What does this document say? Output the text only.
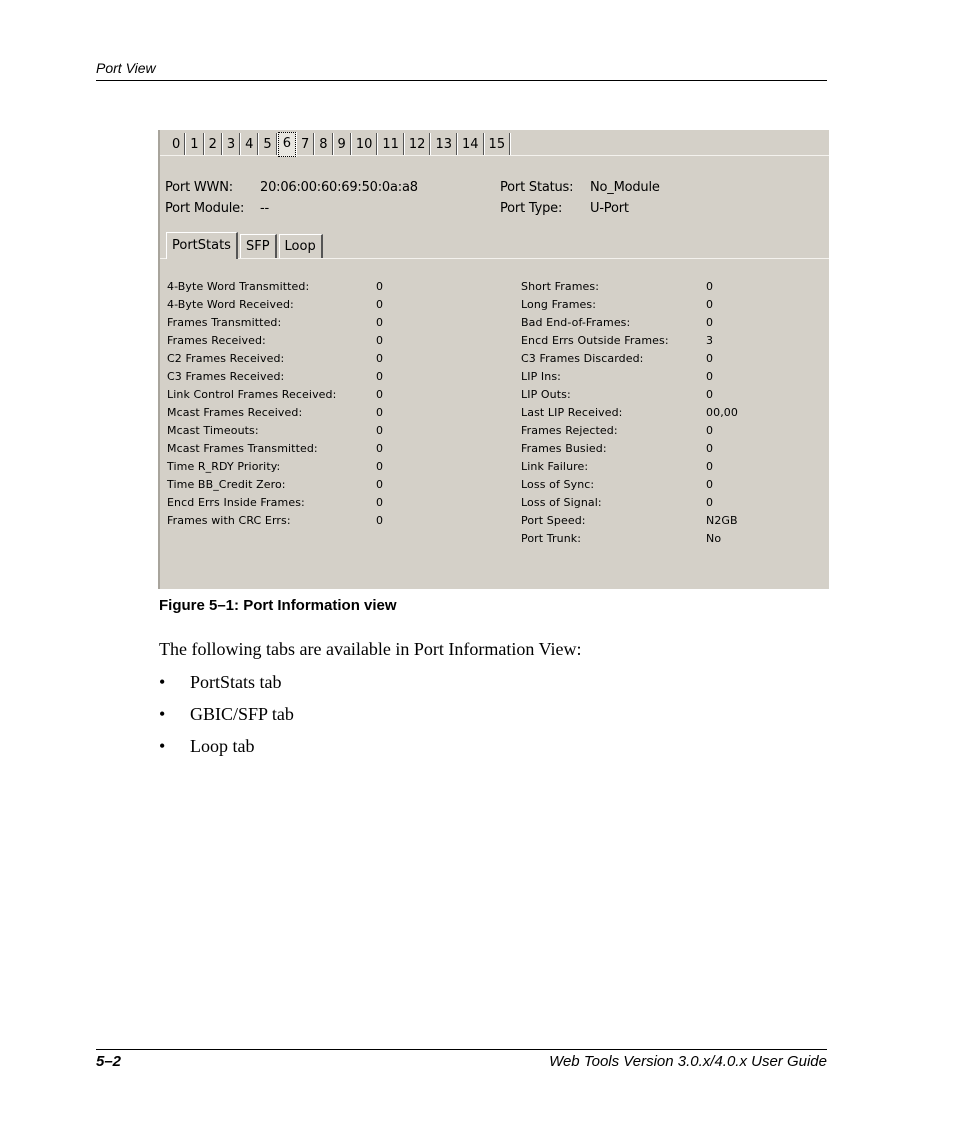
Port View
0 1 2 3 4 5 6 7 8 9 10 11 12 13 14 15
Port WWN: 20:06:00:60:69:50:0a:a8
Port Module: --
Port Status: No_Module
Port Type: U-Port
PortStats	SFP	Loop
4-Byte Word Transmitted:	0
4-Byte Word Received:	0
Frames Transmitted:	0
Frames Received:	0
C2 Frames Received:	0
C3 Frames Received:	0
Link Control Frames Received:	0
Mcast Frames Received:	0
Mcast Timeouts:	0
Mcast Frames Transmitted:	0
Time R_RDY Priority:	0
Time BB_Credit Zero:	0
Encd Errs Inside Frames:	0
Frames with CRC Errs:	0
Short Frames:	0
Long Frames:	0
Bad End-of-Frames:	0
Encd Errs Outside Frames:	3
C3 Frames Discarded:	0
LIP Ins:	0
LIP Outs:	0
Last LIP Received:	00,00
Frames Rejected:	0
Frames Busied:	0
Link Failure:	0
Loss of Sync:	0
Loss of Signal:	0
Port Speed:	N2GB
Port Trunk:	No
Figure 5–1: Port Information view
The following tabs are available in Port Information View:
• PortStats tab
• GBIC/SFP tab
• Loop tab
5–2	Web Tools Version 3.0.x/4.0.x User Guide
